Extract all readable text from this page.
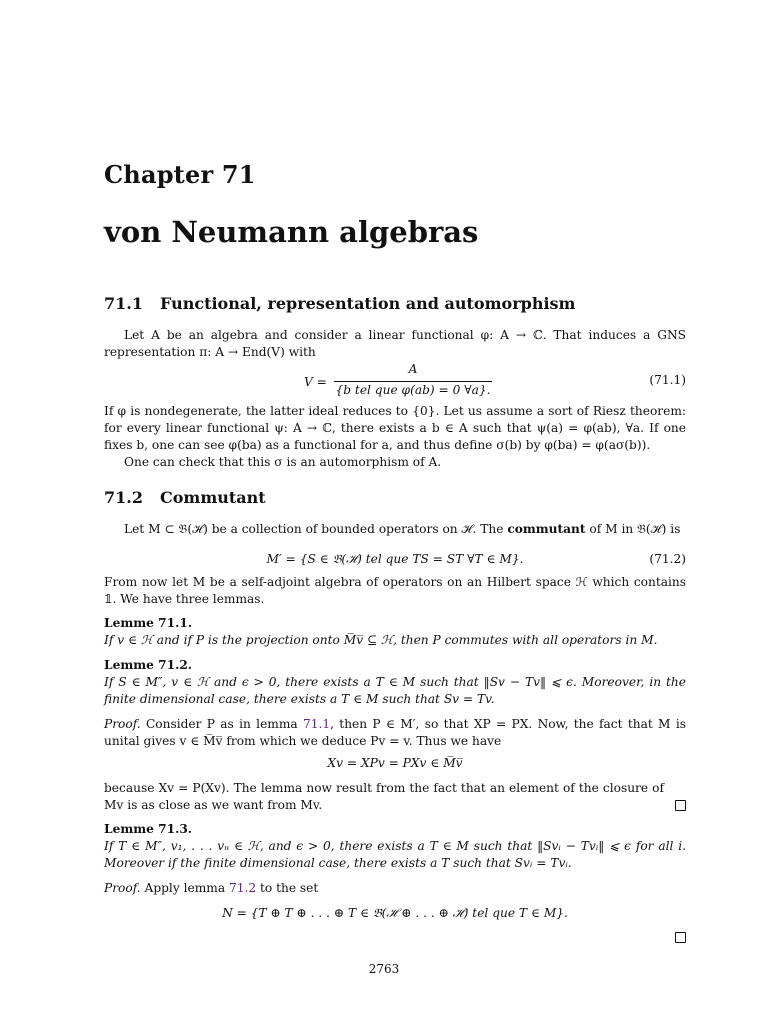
Chapter 71
von Neumann algebras
71.1 Functional, representation and automorphism
Let A be an algebra and consider a linear functional φ: A → ℂ. That induces a GNS representation π: A → End(V) with
V =
A
{b tel que φ(ab) = 0 ∀a}.
(71.1)
If φ is nondegenerate, the latter ideal reduces to {0}. Let us assume a sort of Riesz theorem: for every linear functional ψ: A → ℂ, there exists a b ∈ A such that ψ(a) = φ(ab), ∀a. If one fixes b, one can see φ(ba) as a functional for a, and thus define σ(b) by φ(ba) = φ(aσ(b)).
One can check that this σ is an automorphism of A.
71.2 Commutant
Let M ⊂ 𝔅(ℋ) be a collection of bounded operators on ℋ. The commutant of M in 𝔅(ℋ) is
M′ = {S ∈ 𝔅(ℋ) tel que TS = ST ∀T ∈ M}.	(71.2)
From now let M be a self-adjoint algebra of operators on an Hilbert space ℋ which contains 𝟙. We have three lemmas.
Lemme 71.1.
If v ∈ ℋ and if P is the projection onto M̅v̅ ⊆ ℋ, then P commutes with all operators in M.
Lemme 71.2.
If S ∈ M″, v ∈ ℋ and ϵ > 0, there exists a T ∈ M such that ‖Sv − Tv‖ ⩽ ϵ. Moreover, in the finite dimensional case, there exists a T ∈ M such that Sv = Tv.
Proof. Consider P as in lemma 71.1, then P ∈ M′, so that XP = PX. Now, the fact that M is unital gives v ∈ M̅v̅ from which we deduce Pv = v. Thus we have
Xv = XPv = PXv ∈ M̅v̅
because Xv = P(Xv). The lemma now result from the fact that an element of the closure of Mv is as close as we want from Mv.
Lemme 71.3.
If T ∈ M″, v₁, . . . vₙ ∈ ℋ, and ϵ > 0, there exists a T ∈ M such that ‖Svᵢ − Tvᵢ‖ ⩽ ϵ for all i. Moreover if the finite dimensional case, there exists a T such that Svᵢ = Tvᵢ.
Proof. Apply lemma 71.2 to the set
N = {T ⊕ T ⊕ . . . ⊕ T ∈ 𝔅(ℋ ⊕ . . . ⊕ ℋ) tel que T ∈ M}.
2763
